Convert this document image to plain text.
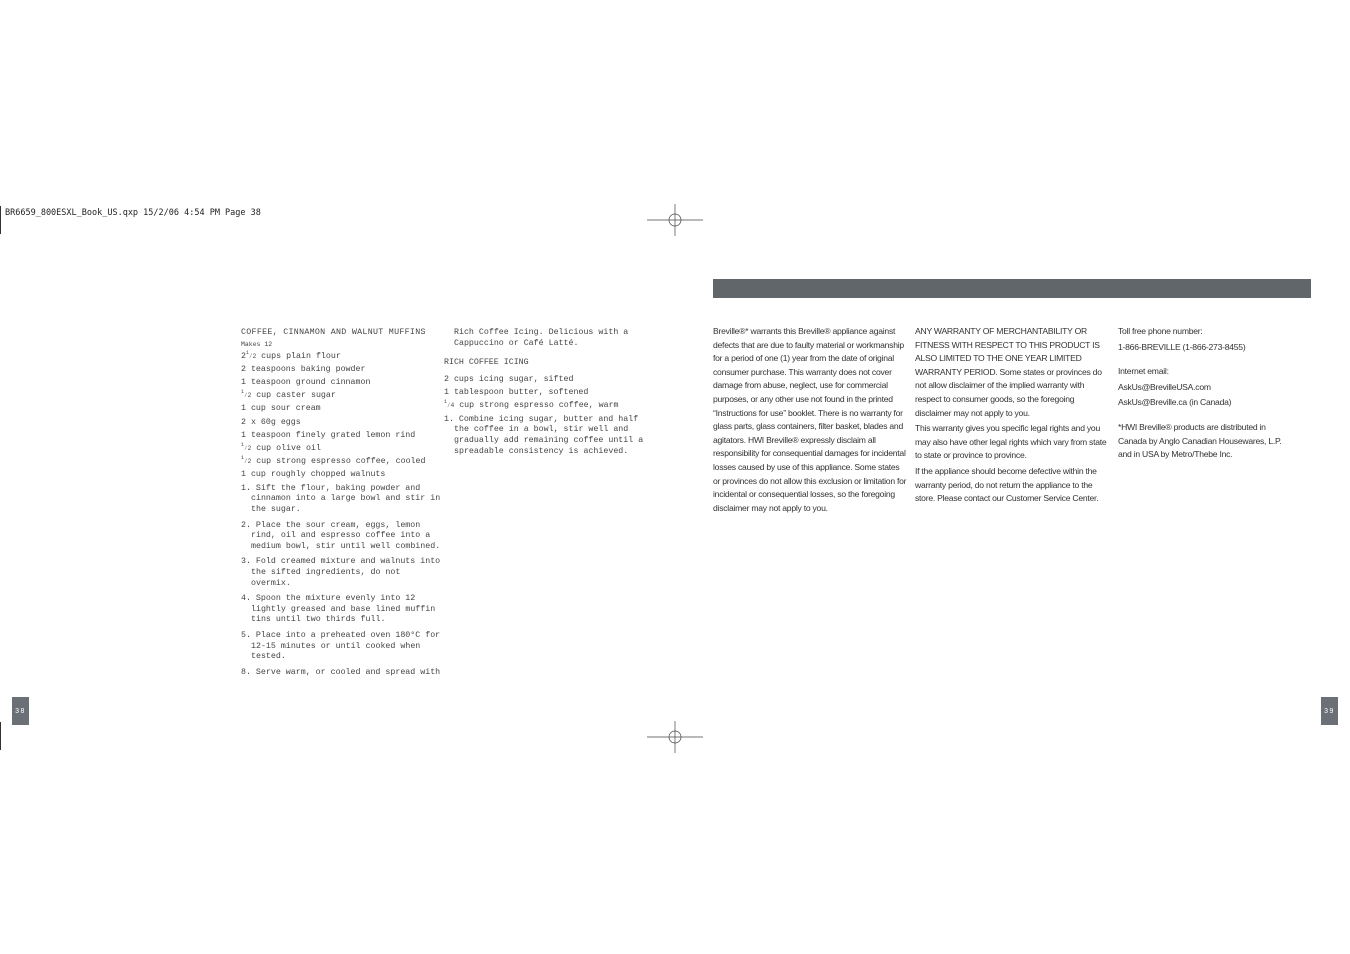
BR6659_800ESXL_Book_US.qxp 15/2/06 4:54 PM Page 38
COFFEE, CINNAMON AND WALNUT MUFFINS
Makes 12
$2^1⁄2$ cups plain flour
2 teaspoons baking powder
1 teaspoon ground cinnamon
$^1$⁄2 cup caster sugar
1 cup sour cream
2 x 60g eggs
1 teaspoon finely grated lemon rind
$^1$⁄2 cup olive oil
$^1$⁄2 cup strong espresso coffee, cooled
1 cup roughly chopped walnuts
1. Sift the flour, baking powder and cinnamon into a large bowl and stir in the sugar.
2. Place the sour cream, eggs, lemon rind, oil and espresso coffee into a medium bowl, stir until well combined.
3. Fold creamed mixture and walnuts into the sifted ingredients, do not overmix.
4. Spoon the mixture evenly into 12 lightly greased and base lined muffin tins until two thirds full.
5. Place into a preheated oven 180°C for 12-15 minutes or until cooked when tested.
8. Serve warm, or cooled and spread with
Rich Coffee Icing. Delicious with a Cappuccino or Café Latté.
RICH COFFEE ICING
2 cups icing sugar, sifted
1 tablespoon butter, softened
$^1$⁄4 cup strong espresso coffee, warm
1. Combine icing sugar, butter and half the coffee in a bowl, stir well and gradually add remaining coffee until a spreadable consistency is achieved.

Breville®* warrants this Breville® appliance against defects that are due to faulty material or workmanship for a period of one (1) year from the date of original consumer purchase. This warranty does not cover damage from abuse, neglect, use for commercial purposes, or any other use not found in the printed “Instructions for use” booklet. There is no warranty for glass parts, glass containers, filter basket, blades and agitators. HWI Breville® expressly disclaim all responsibility for consequential damages for incidental losses caused by use of this appliance. Some states or provinces do not allow this exclusion or limitation for incidental or consequential losses, so the foregoing disclaimer may not apply to you.

ANY WARRANTY OF MERCHANTABILITY OR FITNESS WITH RESPECT TO THIS PRODUCT IS ALSO LIMITED TO THE ONE YEAR LIMITED WARRANTY PERIOD. Some states or provinces do not allow disclaimer of the implied warranty with respect to consumer goods, so the foregoing disclaimer may not apply to you.

This warranty gives you specific legal rights and you may also have other legal rights which vary from state to state or province to province.

If the appliance should become defective within the warranty period, do not return the appliance to the store. Please contact our Customer Service Center.

Toll free phone number:

1-866-BREVILLE (1-866-273-8455)

Internet email:

AskUs@BrevilleUSA.com

AskUs@Breville.ca (in Canada)

*HWI Breville® products are distributed in Canada by Anglo Canadian Housewares, L.P. and in USA by Metro/Thebe Inc.

38	39
